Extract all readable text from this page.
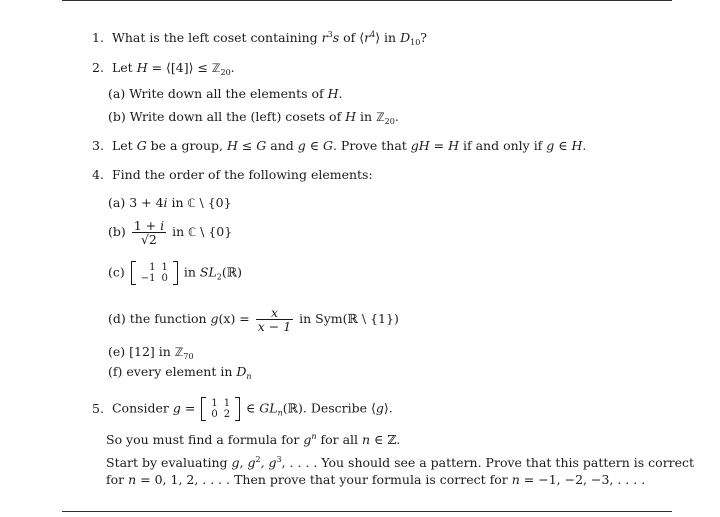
1. What is the left coset containing $r^3s$ of $⟨r^4⟩$ in $D_{10}$?
2. Let H = ⟨[4]⟩ ≤ ℤ$_{20}$.
(a) Write down all the elements of H.
(b) Write down all the (left) cosets of H in ℤ$_{20}$.
3. Let G be a group, H ≤ G and g ∈ G. Prove that gH = H if and only if g ∈ H.
4. Find the order of the following elements:
(a) 3 + 4i in ℂ \ {0}
$(b) \frac{1 + i}{√2}$ in ℂ \ {0}
(c) 1	1
−1	0 in $SL_2(ℝ)$
(d) the function $g(x) = \frac{x}{x - 1}$ in Sym(ℝ \ {1})
(e) [12] in ℤ$_{70}$
(f) every element in $D_n$
5. Consider g = 1	1
0	2 ∈ $GL_n(ℝ)$. Describe ⟨g⟩.
So you must find a formula for $g^n$ for all n ∈ ℤ.
Start by evaluating g, $g^2$, $g^3$, . . . . You should see a pattern. Prove that this pattern is correct
for n = 0, 1, 2, . . . . Then prove that your formula is correct for n = −1, −2, −3, . . . .
